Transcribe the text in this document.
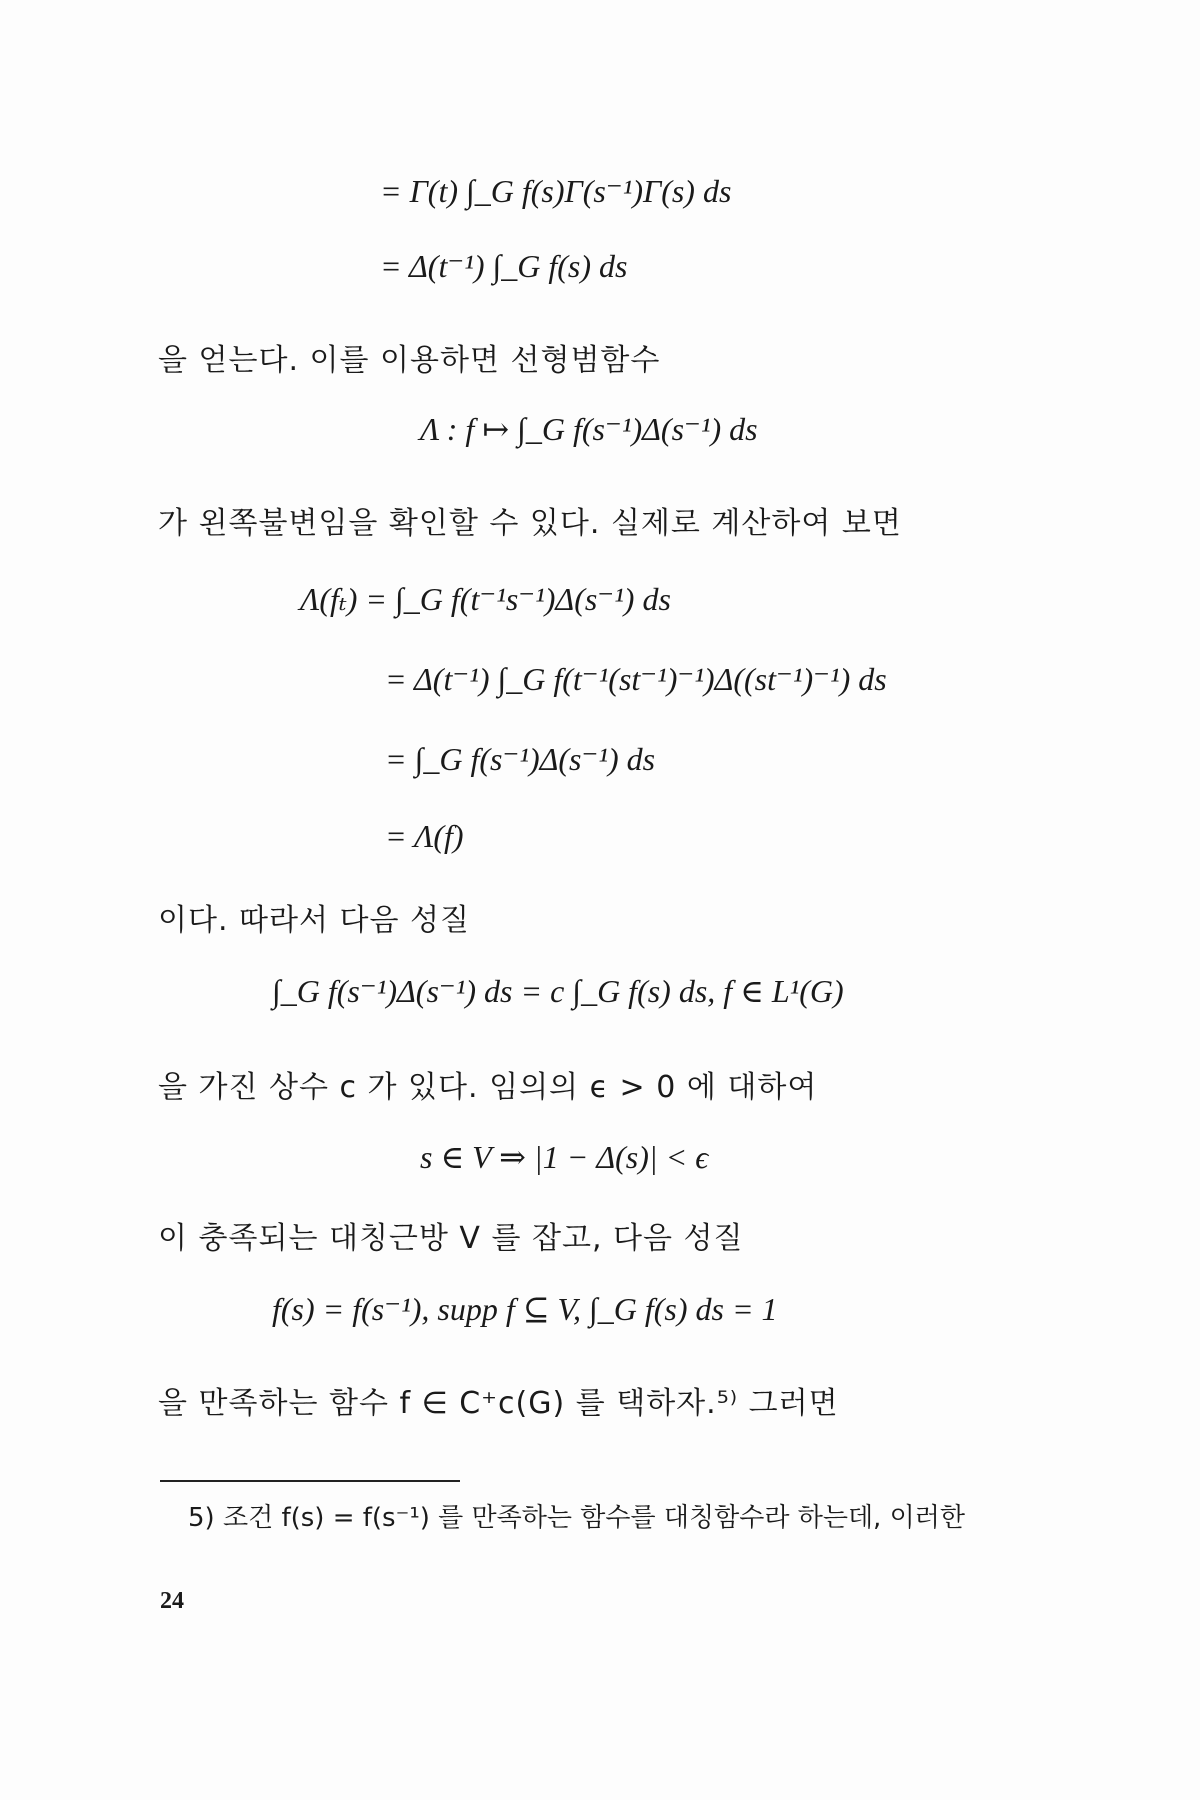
= Γ(t) ∫_G f(s)Γ(s⁻¹)Γ(s) ds
= Δ(t⁻¹) ∫_G f(s) ds
을 얻는다. 이를 이용하면 선형범함수
Λ : f ↦ ∫_G f(s⁻¹)Δ(s⁻¹) ds
가 왼쪽불변임을 확인할 수 있다. 실제로 계산하여 보면
Λ(fₜ) = ∫_G f(t⁻¹s⁻¹)Δ(s⁻¹) ds
= Δ(t⁻¹) ∫_G f(t⁻¹(st⁻¹)⁻¹)Δ((st⁻¹)⁻¹) ds
= ∫_G f(s⁻¹)Δ(s⁻¹) ds
= Λ(f)
이다. 따라서 다음 성질
∫_G f(s⁻¹)Δ(s⁻¹) ds = c ∫_G f(s) ds, f ∈ L¹(G)
을 가진 상수 c 가 있다. 임의의 ϵ > 0 에 대하여
s ∈ V ⇒ |1 − Δ(s)| < ϵ
이 충족되는 대칭근방 V 를 잡고, 다음 성질
f(s) = f(s⁻¹), supp f ⊆ V, ∫_G f(s) ds = 1
을 만족하는 함수 f ∈ C⁺c(G) 를 택하자.⁵⁾ 그러면
5) 조건 f(s) = f(s⁻¹) 를 만족하는 함수를 대칭함수라 하는데, 이러한
24
